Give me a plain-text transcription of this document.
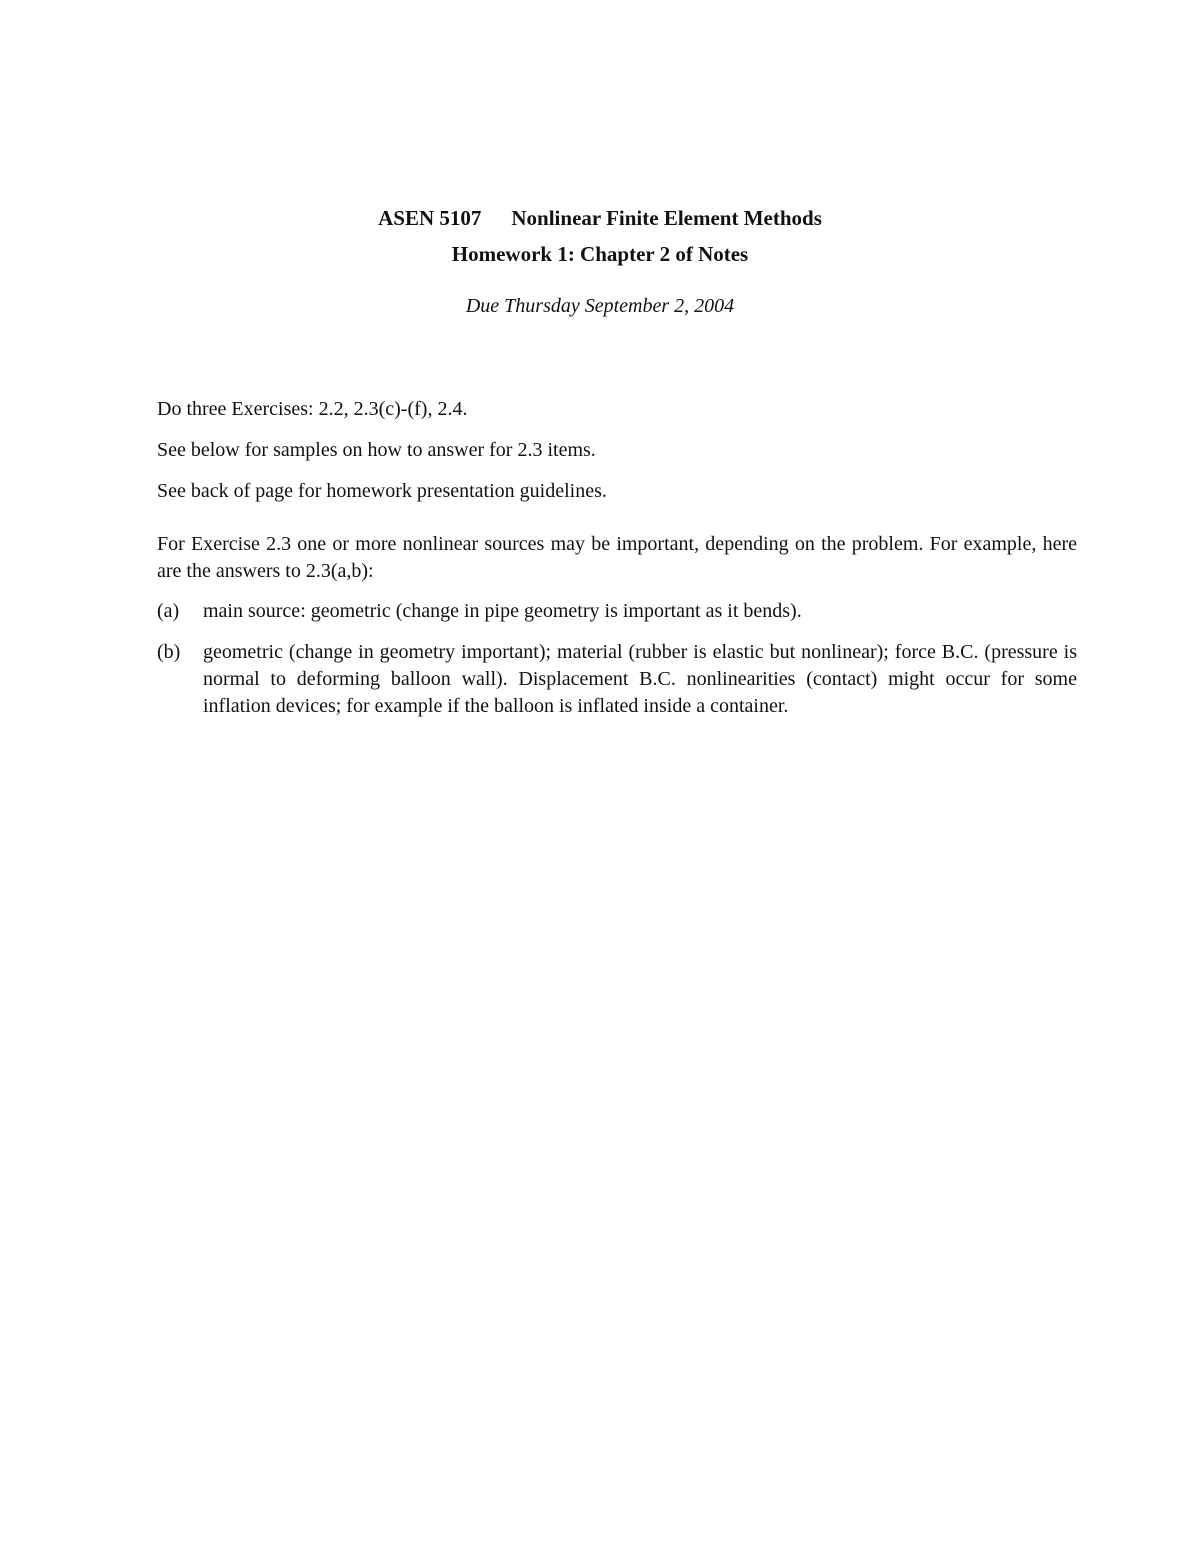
ASEN 5107 Nonlinear Finite Element Methods
Homework 1: Chapter 2 of Notes
Due Thursday September 2, 2004
Do three Exercises: 2.2, 2.3(c)-(f), 2.4.
See below for samples on how to answer for 2.3 items.
See back of page for homework presentation guidelines.
For Exercise 2.3 one or more nonlinear sources may be important, depending on the problem. For example, here are the answers to 2.3(a,b):
(a)	main source: geometric (change in pipe geometry is important as it bends).
(b)	geometric (change in geometry important); material (rubber is elastic but nonlinear); force B.C. (pressure is normal to deforming balloon wall). Displacement B.C. nonlinearities (contact) might occur for some inflation devices; for example if the balloon is inflated inside a container.
